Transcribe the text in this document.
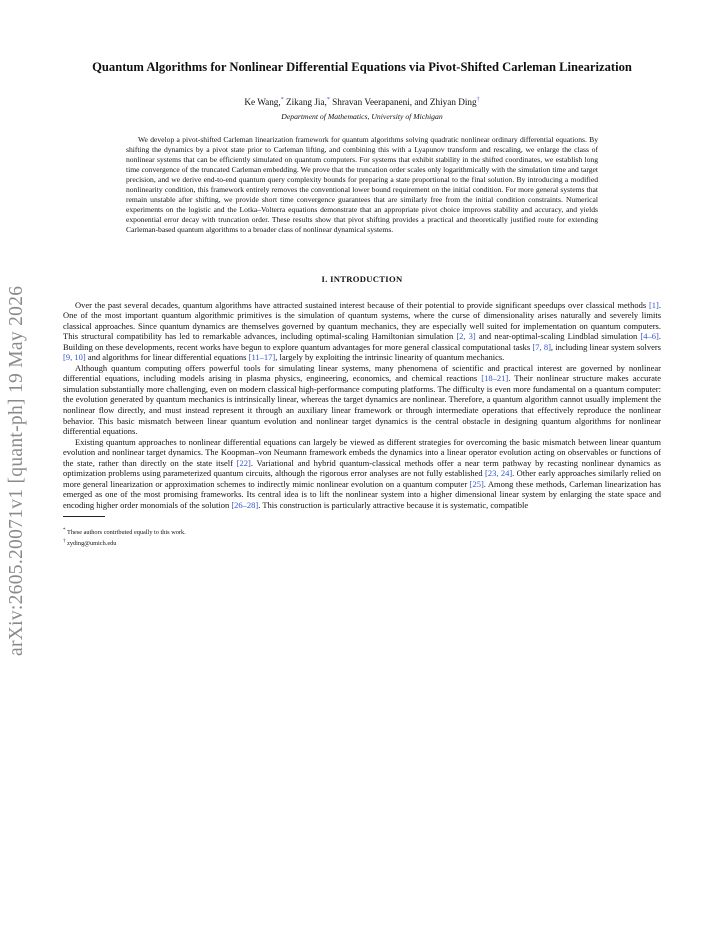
arXiv:2605.20071v1 [quant-ph] 19 May 2026
Quantum Algorithms for Nonlinear Differential Equations via Pivot-Shifted Carleman Linearization
Ke Wang,* Zikang Jia,* Shravan Veerapaneni, and Zhiyan Ding†
Department of Mathematics, University of Michigan

We develop a pivot-shifted Carleman linearization framework for quantum algorithms solving quadratic nonlinear ordinary differential equations. By shifting the dynamics by a pivot state prior to Carleman lifting, and combining this with a Lyapunov transform and rescaling, we enlarge the class of nonlinear systems that can be efficiently simulated on quantum computers. For systems that exhibit stability in the shifted coordinates, we establish long time convergence of the truncated Carleman embedding. We prove that the truncation order scales only logarithmically with the simulation time and target precision, and we derive end-to-end quantum query complexity bounds for preparing a state proportional to the final solution. By introducing a modified nonlinearity condition, this framework entirely removes the conventional lower bound requirement on the initial condition. For more general systems that remain unstable after shifting, we provide short time convergence guarantees that are similarly free from the initial condition constraints. Numerical experiments on the logistic and the Lotka–Volterra equations demonstrate that an appropriate pivot choice improves stability and accuracy, and yields exponential error decay with truncation order. These results show that pivot shifting provides a practical and theoretically justified route for extending Carleman-based quantum algorithms to a broader class of nonlinear dynamical systems.

I. INTRODUCTION

Over the past several decades, quantum algorithms have attracted sustained interest because of their potential to provide significant speedups over classical methods [1]. One of the most important quantum algorithmic primitives is the simulation of quantum systems, where the curse of dimensionality arises naturally and severely limits classical approaches. Since quantum dynamics are themselves governed by quantum mechanics, they are especially well suited for implementation on quantum computers. This structural compatibility has led to remarkable advances, including optimal-scaling Hamiltonian simulation [2, 3] and near-optimal-scaling Lindblad simulation [4–6]. Building on these developments, recent works have begun to explore quantum advantages for more general classical computational tasks [7, 8], including linear system solvers [9, 10] and algorithms for linear differential equations [11–17], largely by exploiting the intrinsic linearity of quantum mechanics.

Although quantum computing offers powerful tools for simulating linear systems, many phenomena of scientific and practical interest are governed by nonlinear differential equations, including models arising in plasma physics, engineering, economics, and chemical reactions [18–21]. Their nonlinear structure makes accurate simulation substantially more challenging, even on modern classical high-performance computing platforms. The difficulty is even more fundamental on a quantum computer: the evolution generated by quantum mechanics is intrinsically linear, whereas the target dynamics are nonlinear. Therefore, a quantum algorithm cannot usually implement the nonlinear flow directly, and must instead represent it through an auxiliary linear framework or through intermediate operations that effectively reproduce the nonlinear behavior. This basic mismatch between linear quantum evolution and nonlinear target dynamics is the central obstacle in designing quantum algorithms for nonlinear differential equations.

Existing quantum approaches to nonlinear differential equations can largely be viewed as different strategies for overcoming the basic mismatch between linear quantum evolution and nonlinear target dynamics. The Koopman–von Neumann framework embeds the dynamics into a linear operator evolution acting on observables or functions of the state, rather than directly on the state itself [22]. Variational and hybrid quantum-classical methods offer a near term pathway by recasting nonlinear dynamics as optimization problems using parameterized quantum circuits, although the rigorous error analyses are not fully established [23, 24]. Other early approaches similarly relied on more general linearization or approximation schemes to indirectly mimic nonlinear evolution on a quantum computer [25]. Among these methods, Carleman linearization has emerged as one of the most promising frameworks. Its central idea is to lift the nonlinear system into a higher dimensional linear system by enlarging the state space and encoding higher order monomials of the solution [26–28]. This construction is particularly attractive because it is systematic, compatible

* These authors contributed equally to this work.
† zyding@umich.edu
